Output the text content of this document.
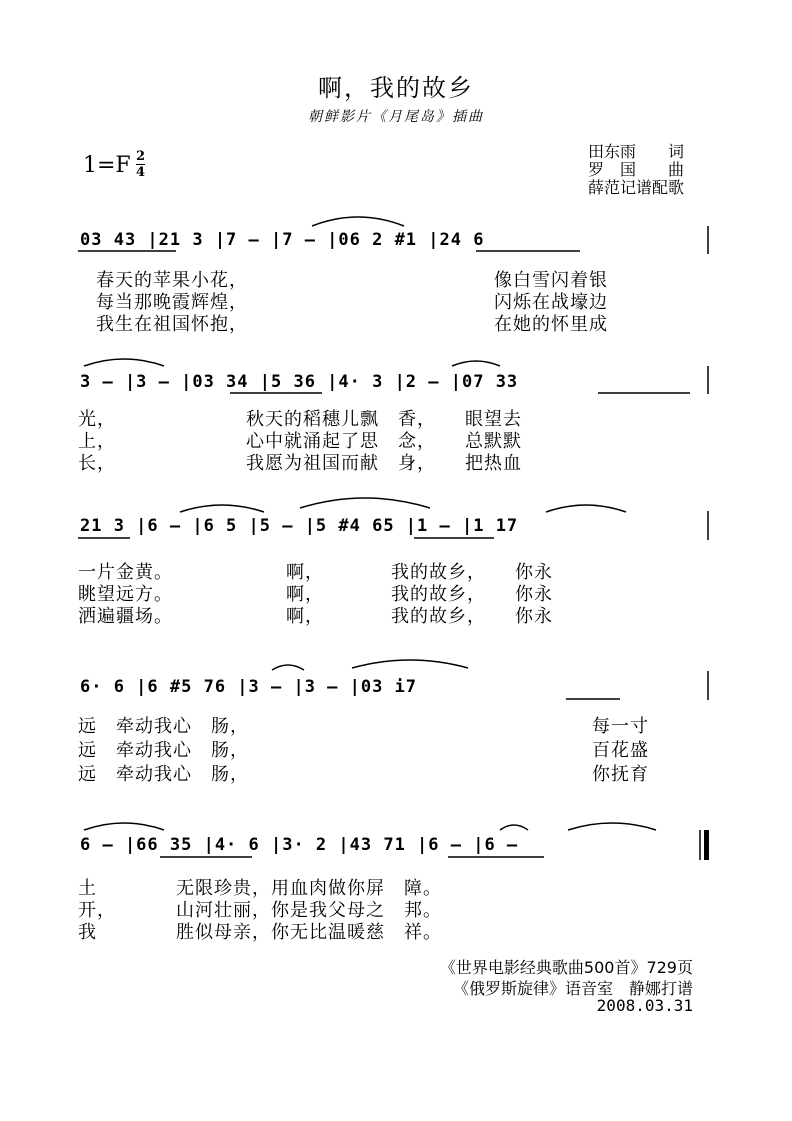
啊，我的故乡
朝鲜影片《月尾岛》插曲
田东雨　　词
罗　国　　曲
薛范记谱配歌
1=F 2
4
03 43 |21 3 |7 – |7 – |06 2 #1 |24 6
春天的苹果小花，
每当那晚霞辉煌，
我生在祖国怀抱，
像白雪闪着银
闪烁在战壕边
在她的怀里成
3 – |3 – |03 34 |5 36 |4· 3 |2 – |07 33
光，
上，
长，
秋天的稻穗儿飘　香，　　眼望去
心中就涌起了思　念，　　总默默
我愿为祖国而献　身，　　把热血
21 3 |6 – |6 5 |5 – |5 #4 65 |1 – |1 17
一片金黄。
眺望远方。
洒遍疆场。
啊，　　　　我的故乡，　　你永
啊，　　　　我的故乡，　　你永
啊，　　　　我的故乡，　　你永
6· 6 |6 #5 76 |3 – |3 – |03 i7
远　牵动我心　肠，
远　牵动我心　肠，
远　牵动我心　肠，
每一寸
百花盛
你抚育
6 – |66 35 |4· 6 |3· 2 |43 71 |6 – |6 –
土
开，
我
无限珍贵，用血肉做你屏　障。
山河壮丽，你是我父母之　邦。
胜似母亲，你无比温暖慈　祥。
《世界电影经典歌曲500首》729页
《俄罗斯旋律》语音室　静娜打谱
2008.03.31
